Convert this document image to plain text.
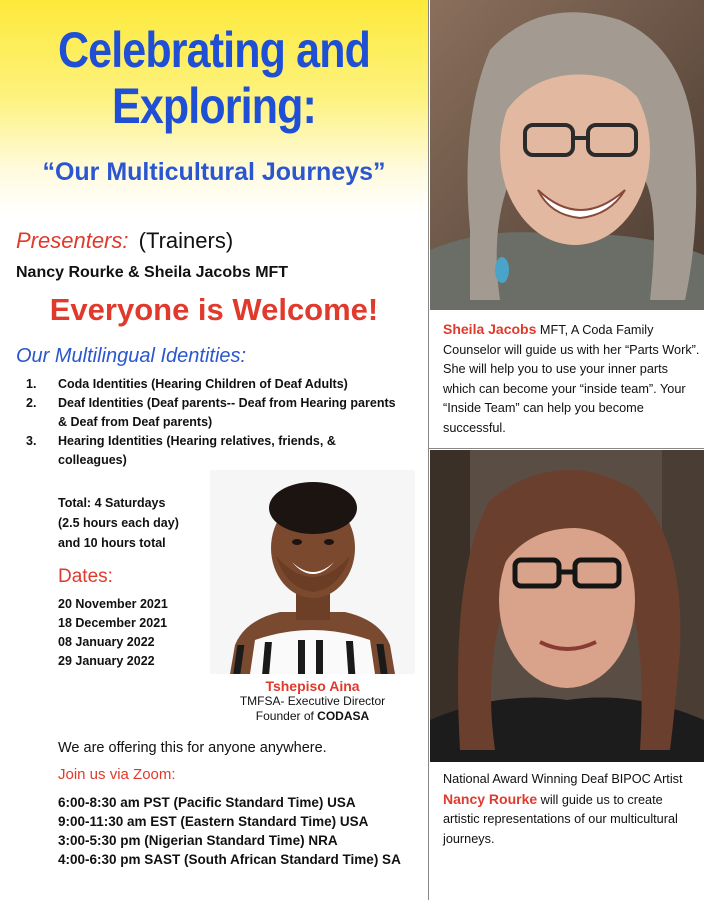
Celebrating and
Exploring:
“Our Multicultural Journeys”
Presenters: (Trainers)
Nancy Rourke & Sheila Jacobs MFT
Everyone is Welcome!
Our Multilingual Identities:
1.	Coda Identities (Hearing Children of Deaf Adults)
2.	Deaf Identities (Deaf parents-- Deaf from Hearing parents & Deaf from Deaf parents)
3.	Hearing Identities (Hearing relatives, friends, & colleagues)
Total: 4 Saturdays
(2.5 hours each day)
and 10 hours total
Dates:
20 November 2021
18 December 2021
08 January 2022
29 January 2022
Tshepiso Aina
TMFSA- Executive Director
Founder of CODASA
We are offering this for anyone anywhere.
Join us via Zoom:
6:00-8:30 am PST (Pacific Standard Time) USA
9:00-11:30 am EST (Eastern Standard Time) USA
3:00-5:30 pm (Nigerian Standard Time) NRA
4:00-6:30 pm SAST (South African Standard Time) SA
Sheila Jacobs MFT, A Coda Family Counselor will guide us with her “Parts Work”. She will help you to use your inner parts which can become your “inside team”. Your “Inside Team” can help you become successful.
National Award Winning Deaf BIPOC Artist Nancy Rourke will guide us to create artistic representations of our multicultural journeys.
